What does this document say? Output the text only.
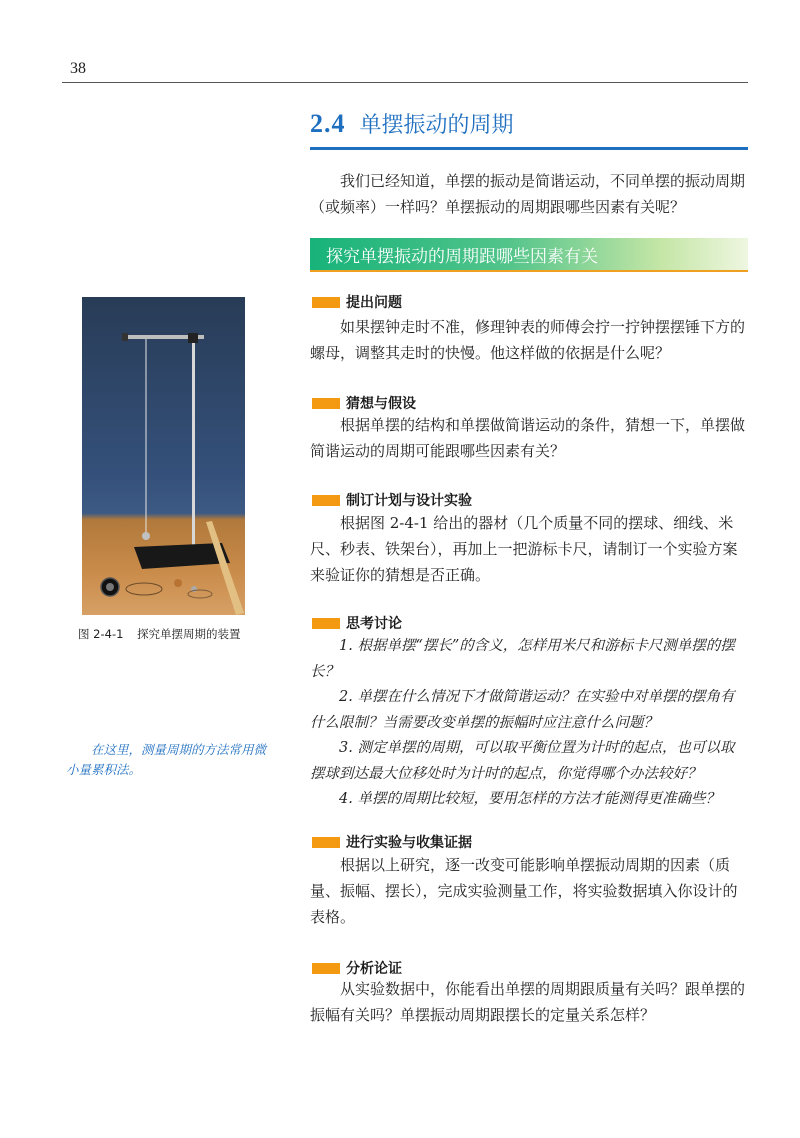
38
2.4 单摆振动的周期

我们已经知道，单摆的振动是简谐运动，不同单摆的振动周期（或频率）一样吗？单摆振动的周期跟哪些因素有关呢？

探究单摆振动的周期跟哪些因素有关
提出问题

如果摆钟走时不准，修理钟表的师傅会拧一拧钟摆摆锤下方的螺母，调整其走时的快慢。他这样做的依据是什么呢？

猜想与假设

根据单摆的结构和单摆做简谐运动的条件，猜想一下，单摆做简谐运动的周期可能跟哪些因素有关？

制订计划与设计实验

根据图 2-4-1 给出的器材（几个质量不同的摆球、细线、米尺、秒表、铁架台），再加上一把游标卡尺，请制订一个实验方案来验证你的猜想是否正确。

思考讨论

1. 根据单摆“摆长”的含义，怎样用米尺和游标卡尺测单摆的摆长？

2. 单摆在什么情况下才做简谐运动？在实验中对单摆的摆角有什么限制？当需要改变单摆的振幅时应注意什么问题？

3. 测定单摆的周期，可以取平衡位置为计时的起点，也可以取摆球到达最大位移处时为计时的起点，你觉得哪个办法较好？

4. 单摆的周期比较短，要用怎样的方法才能测得更准确些？

进行实验与收集证据

根据以上研究，逐一改变可能影响单摆振动周期的因素（质量、振幅、摆长），完成实验测量工作，将实验数据填入你设计的表格。

分析论证

从实验数据中，你能看出单摆的周期跟质量有关吗？跟单摆的振幅有关吗？单摆振动周期跟摆长的定量关系怎样？

图 2-4-1 探究单摆周期的装置

在这里，测量周期的方法常用微小量累积法。
